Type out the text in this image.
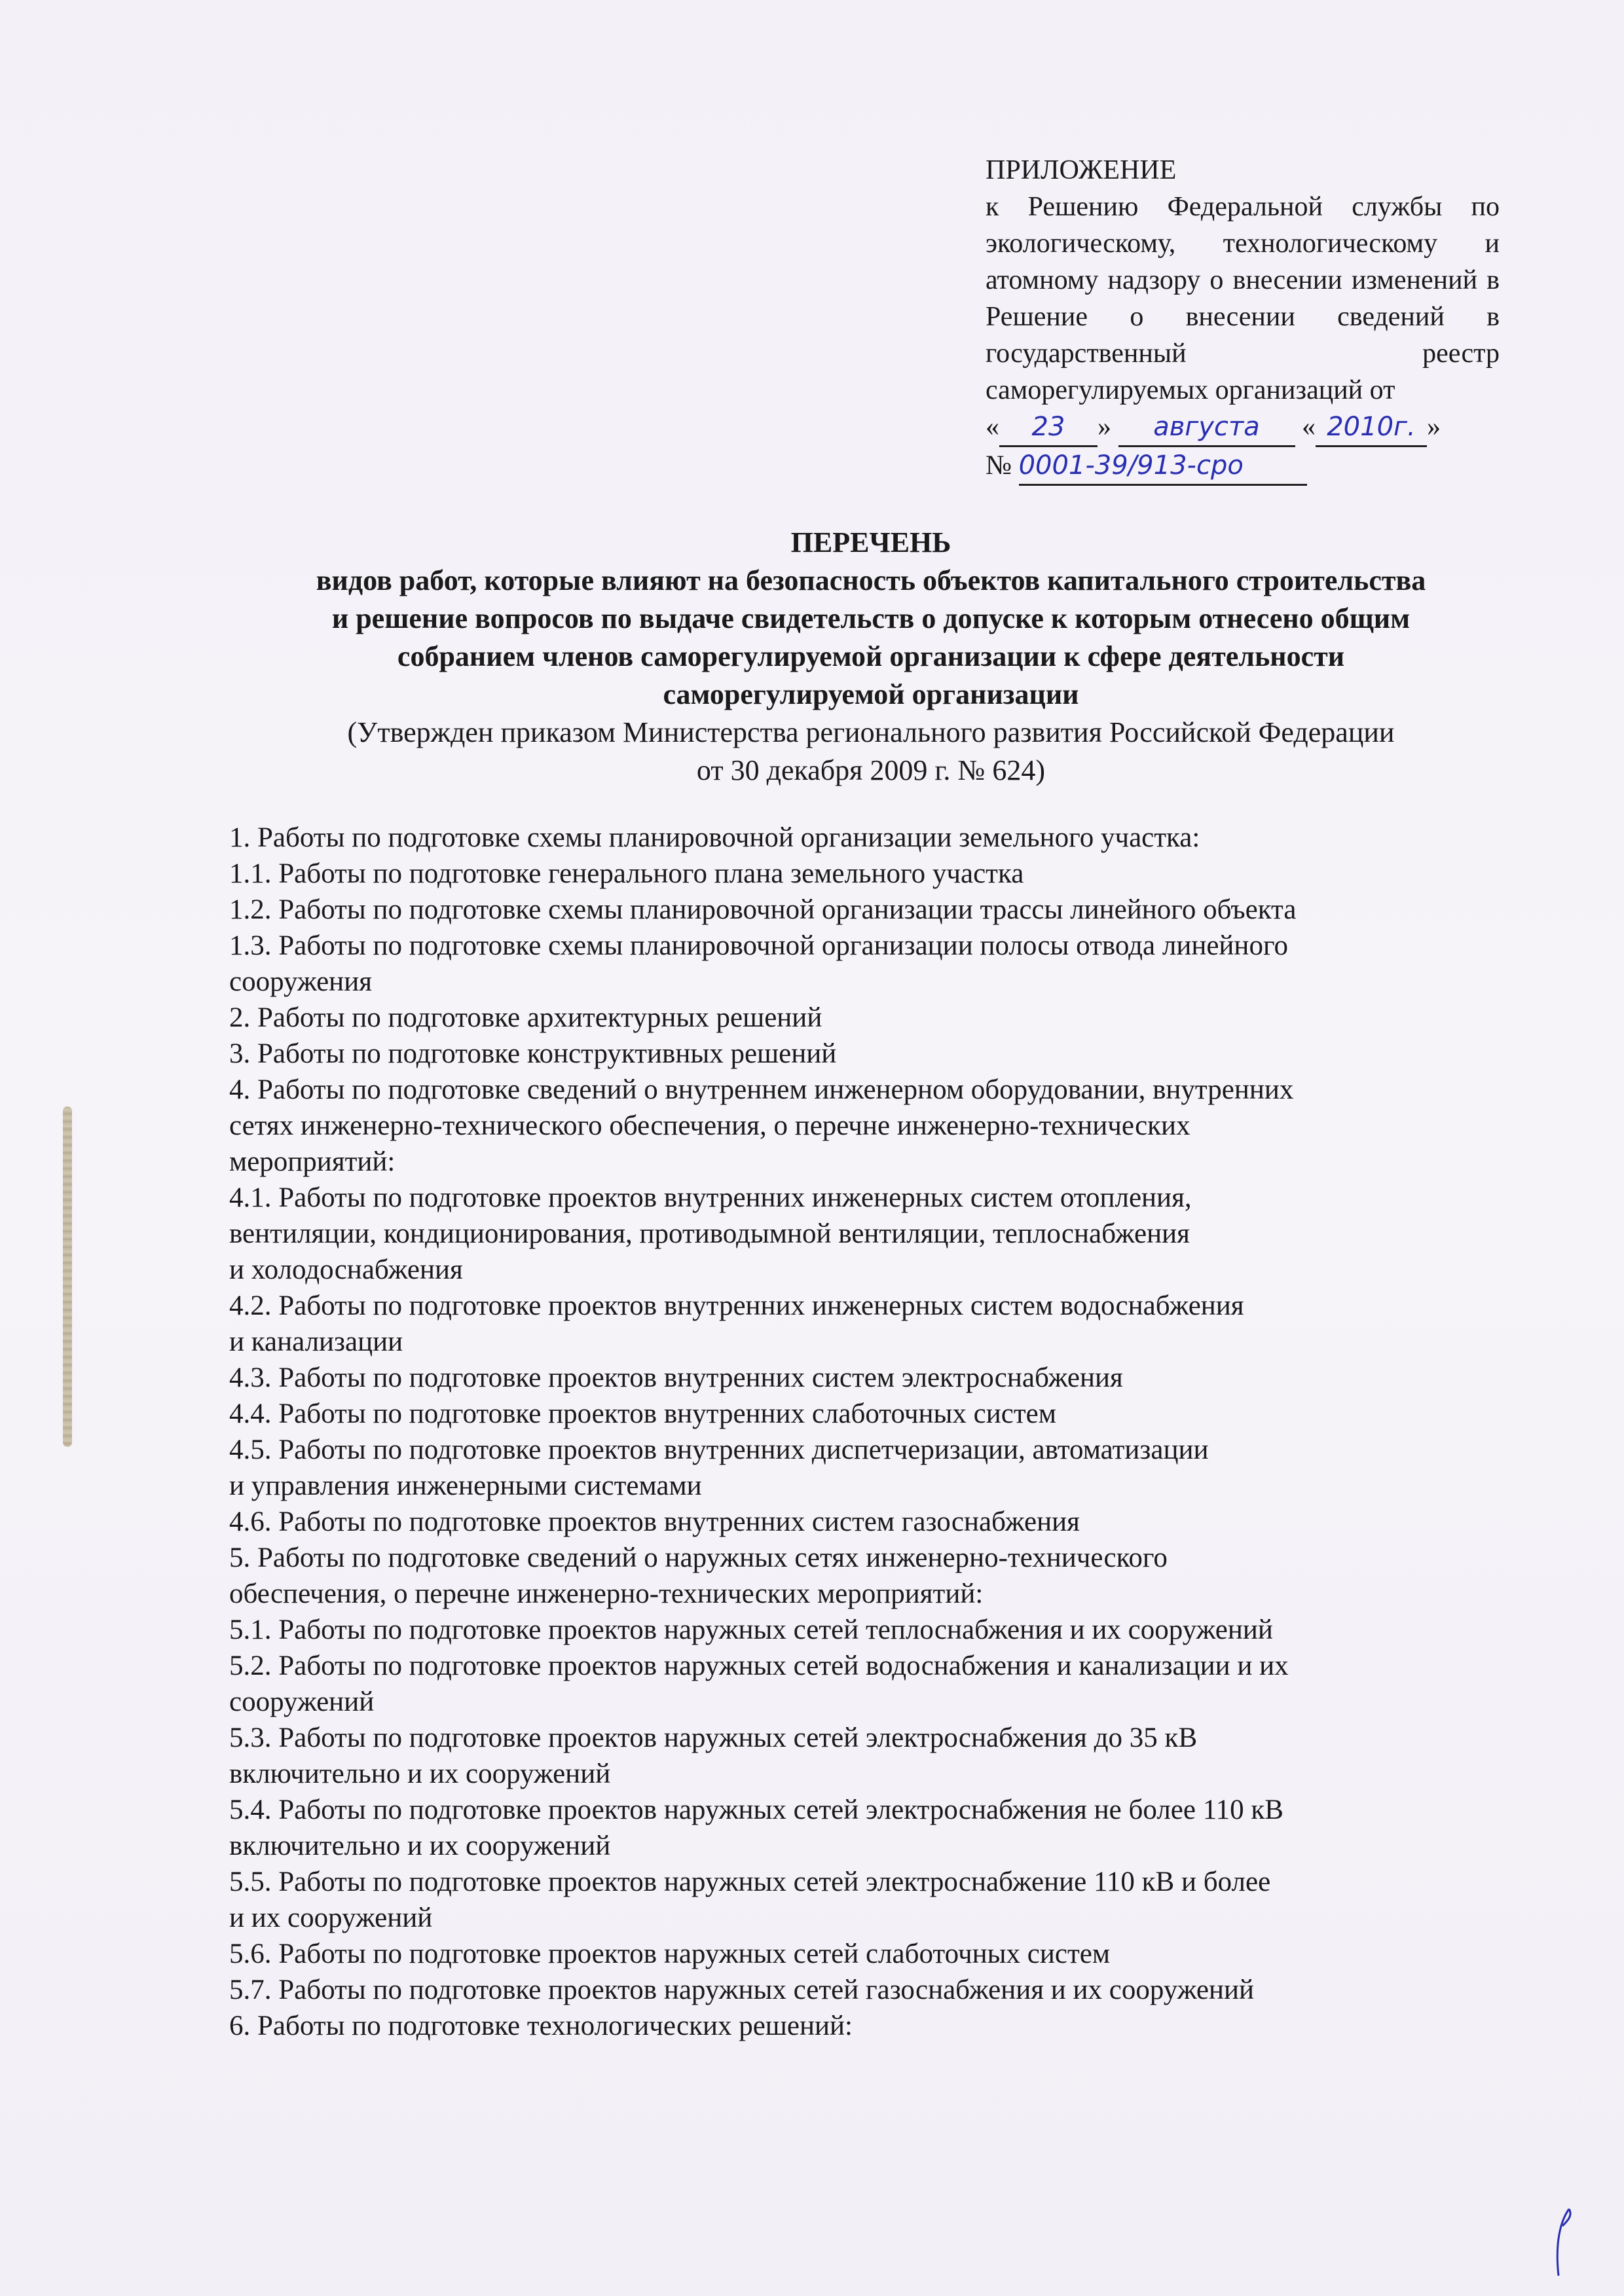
ПРИЛОЖЕНИЕ
к Решению Федеральной службы по экологическому, технологическому и атомному надзору о внесении изменений в Решение о внесении сведений в государственный реестр саморегулируемых организаций от
« 23 » августа « 2010г. »
№ 0001-39/913-сро
ПЕРЕЧЕНЬ
видов работ, которые влияют на безопасность объектов капитального строительства
и решение вопросов по выдаче свидетельств о допуске к которым отнесено общим
собранием членов саморегулируемой организации к сфере деятельности
саморегулируемой организации
(Утвержден приказом Министерства регионального развития Российской Федерации
от 30 декабря 2009 г. № 624)
1. Работы по подготовке схемы планировочной организации земельного участка:
1.1. Работы по подготовке генерального плана земельного участка
1.2. Работы по подготовке схемы планировочной организации трассы линейного объекта
1.3. Работы по подготовке схемы планировочной организации полосы отвода линейного
сооружения
2. Работы по подготовке архитектурных решений
3. Работы по подготовке конструктивных решений
4. Работы по подготовке сведений о внутреннем инженерном оборудовании, внутренних
сетях инженерно-технического обеспечения, о перечне инженерно-технических
мероприятий:
4.1. Работы по подготовке проектов внутренних инженерных систем отопления,
вентиляции, кондиционирования, противодымной вентиляции, теплоснабжения
и холодоснабжения
4.2. Работы по подготовке проектов внутренних инженерных систем водоснабжения
и канализации
4.3. Работы по подготовке проектов внутренних систем электроснабжения
4.4. Работы по подготовке проектов внутренних слаботочных систем
4.5. Работы по подготовке проектов внутренних диспетчеризации, автоматизации
и управления инженерными системами
4.6. Работы по подготовке проектов внутренних систем газоснабжения
5. Работы по подготовке сведений о наружных сетях инженерно-технического
обеспечения, о перечне инженерно-технических мероприятий:
5.1. Работы по подготовке проектов наружных сетей теплоснабжения и их сооружений
5.2. Работы по подготовке проектов наружных сетей водоснабжения и канализации и их
сооружений
5.3. Работы по подготовке проектов наружных сетей электроснабжения до 35 кВ
включительно и их сооружений
5.4. Работы по подготовке проектов наружных сетей электроснабжения не более 110 кВ
включительно и их сооружений
5.5. Работы по подготовке проектов наружных сетей электроснабжение 110 кВ и более
и их сооружений
5.6. Работы по подготовке проектов наружных сетей слаботочных систем
5.7. Работы по подготовке проектов наружных сетей газоснабжения и их сооружений
6. Работы по подготовке технологических решений:
